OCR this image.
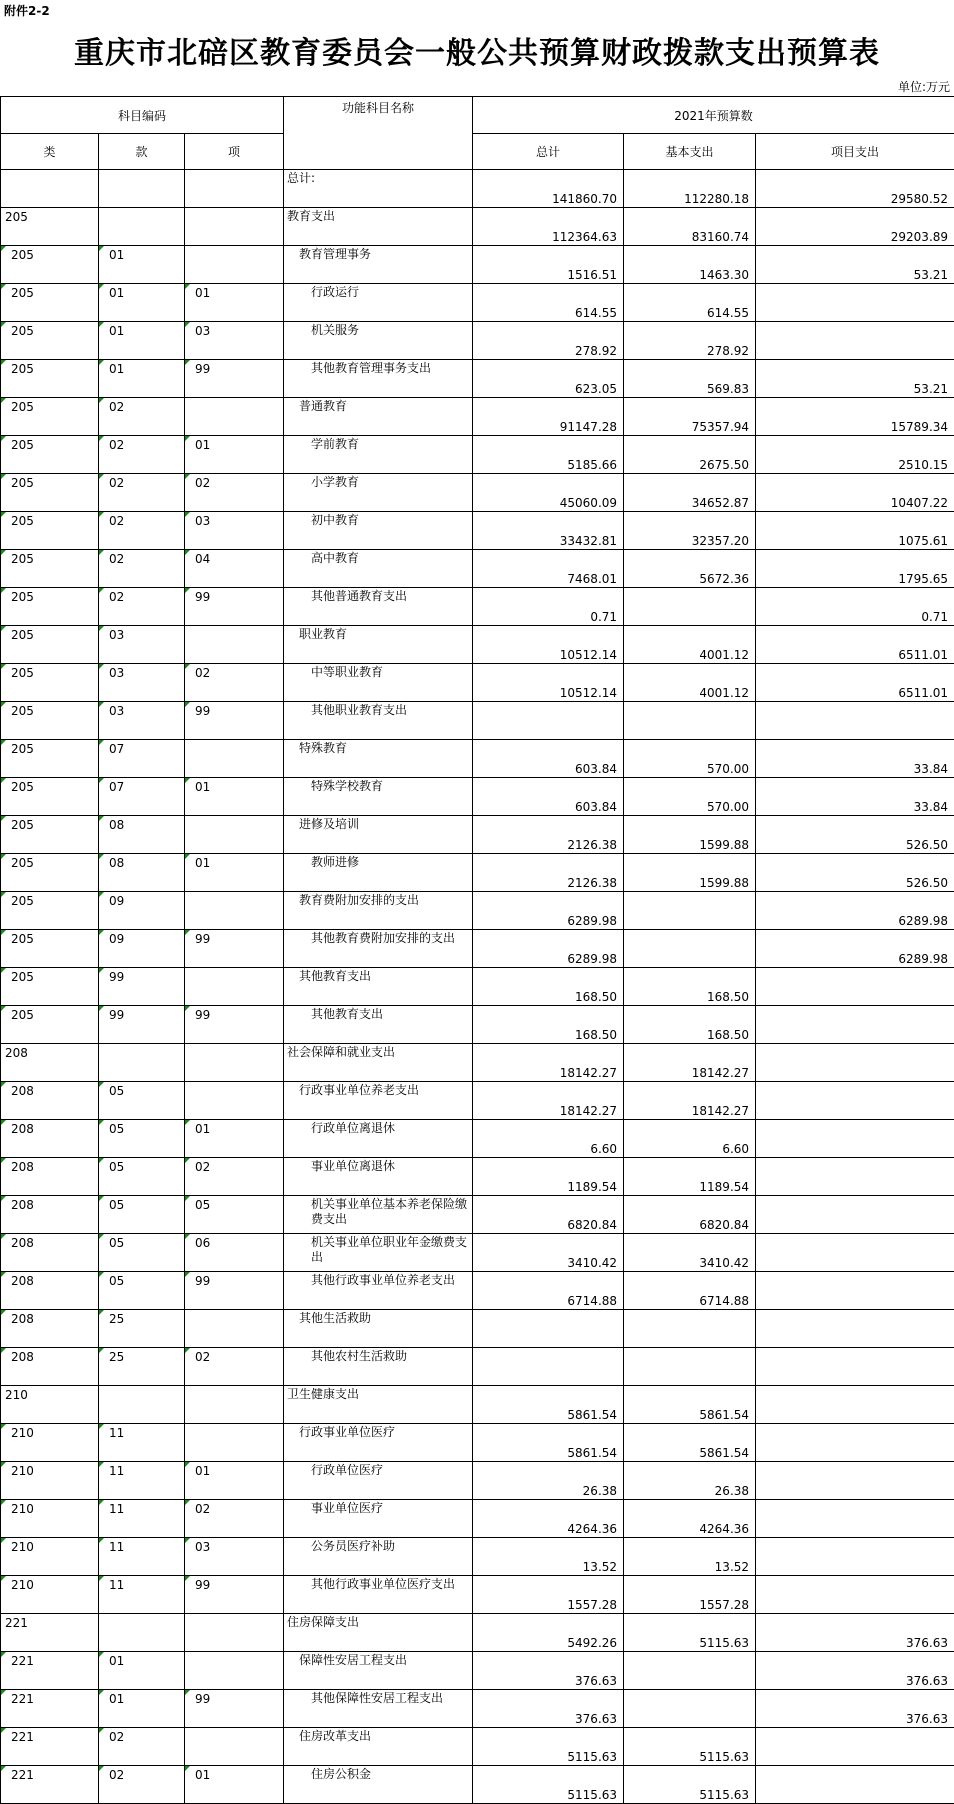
附件2-2
重庆市北碚区教育委员会一般公共预算财政拨款支出预算表
单位:万元
科目编码			功能科目名称	2021年预算数		
类	款	项		总计	基本支出	项目支出
			总计:	141860.70	112280.18	29580.52
205			教育支出	112364.63	83160.74	29203.89
205	01		教育管理事务	1516.51	1463.30	53.21
205	01	01	行政运行	614.55	614.55	
205	01	03	机关服务	278.92	278.92	
205	01	99	其他教育管理事务支出	623.05	569.83	53.21
205	02		普通教育	91147.28	75357.94	15789.34
205	02	01	学前教育	5185.66	2675.50	2510.15
205	02	02	小学教育	45060.09	34652.87	10407.22
205	02	03	初中教育	33432.81	32357.20	1075.61
205	02	04	高中教育	7468.01	5672.36	1795.65
205	02	99	其他普通教育支出	0.71		0.71
205	03		职业教育	10512.14	4001.12	6511.01
205	03	02	中等职业教育	10512.14	4001.12	6511.01
205	03	99	其他职业教育支出			
205	07		特殊教育	603.84	570.00	33.84
205	07	01	特殊学校教育	603.84	570.00	33.84
205	08		进修及培训	2126.38	1599.88	526.50
205	08	01	教师进修	2126.38	1599.88	526.50
205	09		教育费附加安排的支出	6289.98		6289.98
205	09	99	其他教育费附加安排的支出	6289.98		6289.98
205	99		其他教育支出	168.50	168.50	
205	99	99	其他教育支出	168.50	168.50	
208			社会保障和就业支出	18142.27	18142.27	
208	05		行政事业单位养老支出	18142.27	18142.27	
208	05	01	行政单位离退休	6.60	6.60	
208	05	02	事业单位离退休	1189.54	1189.54	
208	05	05	机关事业单位基本养老保险缴费支出	6820.84	6820.84	
208	05	06	机关事业单位职业年金缴费支出	3410.42	3410.42	
208	05	99	其他行政事业单位养老支出	6714.88	6714.88	
208	25		其他生活救助			
208	25	02	其他农村生活救助			
210			卫生健康支出	5861.54	5861.54	
210	11		行政事业单位医疗	5861.54	5861.54	
210	11	01	行政单位医疗	26.38	26.38	
210	11	02	事业单位医疗	4264.36	4264.36	
210	11	03	公务员医疗补助	13.52	13.52	
210	11	99	其他行政事业单位医疗支出	1557.28	1557.28	
221			住房保障支出	5492.26	5115.63	376.63
221	01		保障性安居工程支出	376.63		376.63
221	01	99	其他保障性安居工程支出	376.63		376.63
221	02		住房改革支出	5115.63	5115.63	
221	02	01	住房公积金	5115.63	5115.63	
